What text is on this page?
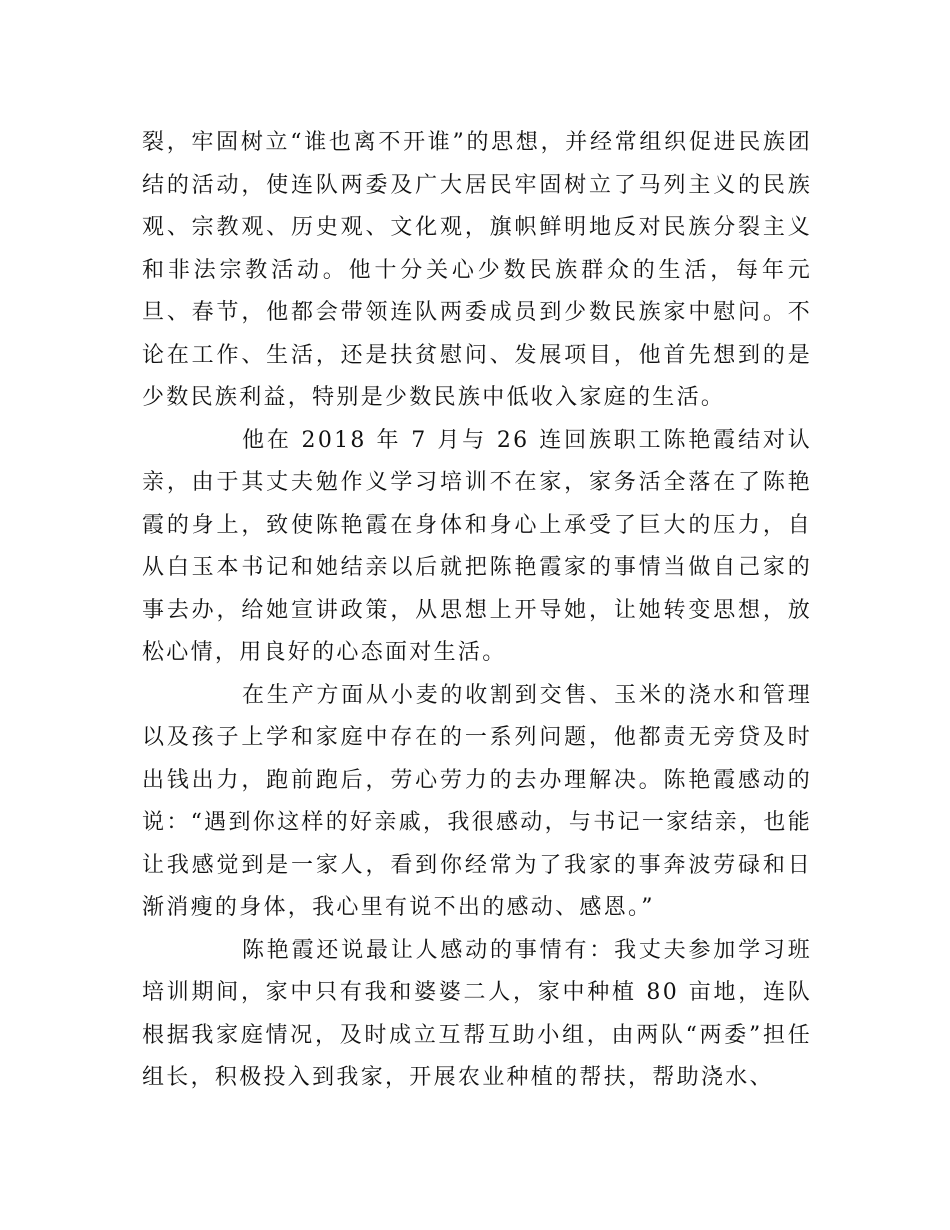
裂，牢固树立“谁也离不开谁”的思想，并经常组织促进民族团结的活动，使连队两委及广大居民牢固树立了马列主义的民族观、宗教观、历史观、文化观，旗帜鲜明地反对民族分裂主义和非法宗教活动。他十分关心少数民族群众的生活，每年元旦、春节，他都会带领连队两委成员到少数民族家中慰问。不论在工作、生活，还是扶贫慰问、发展项目，他首先想到的是少数民族利益，特别是少数民族中低收入家庭的生活。

他在 2018 年 7 月与 26 连回族职工陈艳霞结对认亲，由于其丈夫勉作义学习培训不在家，家务活全落在了陈艳霞的身上，致使陈艳霞在身体和身心上承受了巨大的压力，自从白玉本书记和她结亲以后就把陈艳霞家的事情当做自己家的事去办，给她宣讲政策，从思想上开导她，让她转变思想，放松心情，用良好的心态面对生活。

在生产方面从小麦的收割到交售、玉米的浇水和管理以及孩子上学和家庭中存在的一系列问题，他都责无旁贷及时出钱出力，跑前跑后，劳心劳力的去办理解决。陈艳霞感动的说：“遇到你这样的好亲戚，我很感动，与书记一家结亲，也能让我感觉到是一家人，看到你经常为了我家的事奔波劳碌和日渐消瘦的身体，我心里有说不出的感动、感恩。”

陈艳霞还说最让人感动的事情有：我丈夫参加学习班培训期间，家中只有我和婆婆二人，家中种植 80 亩地，连队根据我家庭情况，及时成立互帮互助小组，由两队“两委”担任组长，积极投入到我家，开展农业种植的帮扶，帮助浇水、
